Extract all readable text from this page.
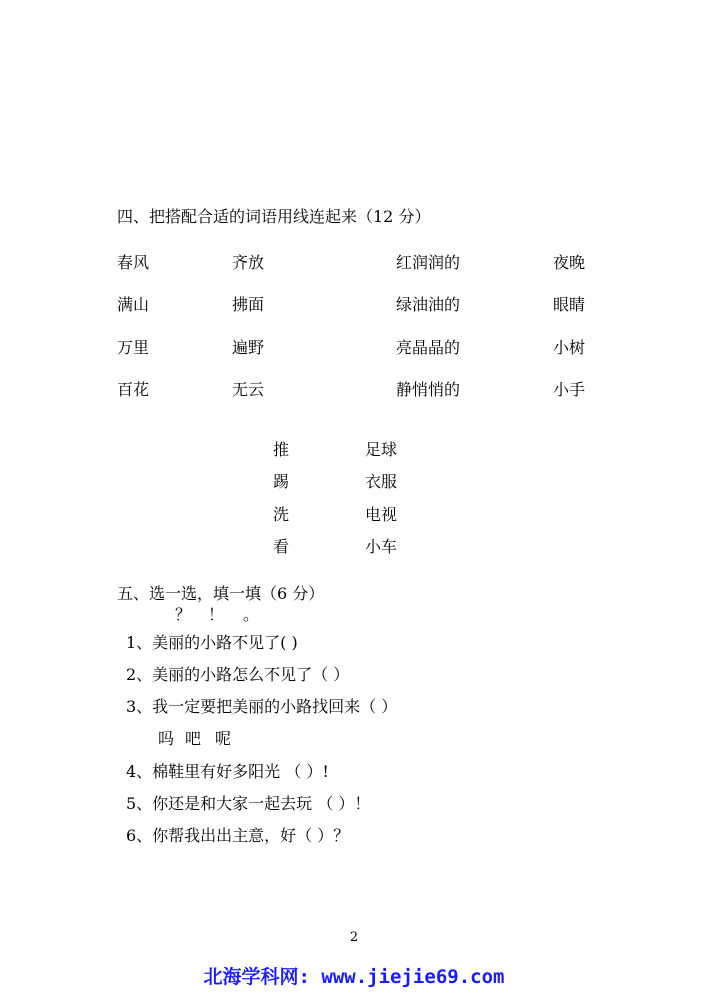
四、把搭配合适的词语用线连起来（12 分）
春风	齐放	红润润的	夜晚
满山	拂面	绿油油的	眼睛
万里	遍野	亮晶晶的	小树
百花	无云	静悄悄的	小手
推	足球
踢	衣服
洗	电视
看	小车
五、选一选，填一填（6 分）
？ ！ 。
1、美丽的小路不见了( )
2、美丽的小路怎么不见了（ ）
3、我一定要把美丽的小路找回来（ ）
吗 吧 呢
4、棉鞋里有好多阳光 （ ）!
5、你还是和大家一起去玩 （ ）！
6、你帮我出出主意，好（ ）？
2
北海学科网: www.jiejie69.com
